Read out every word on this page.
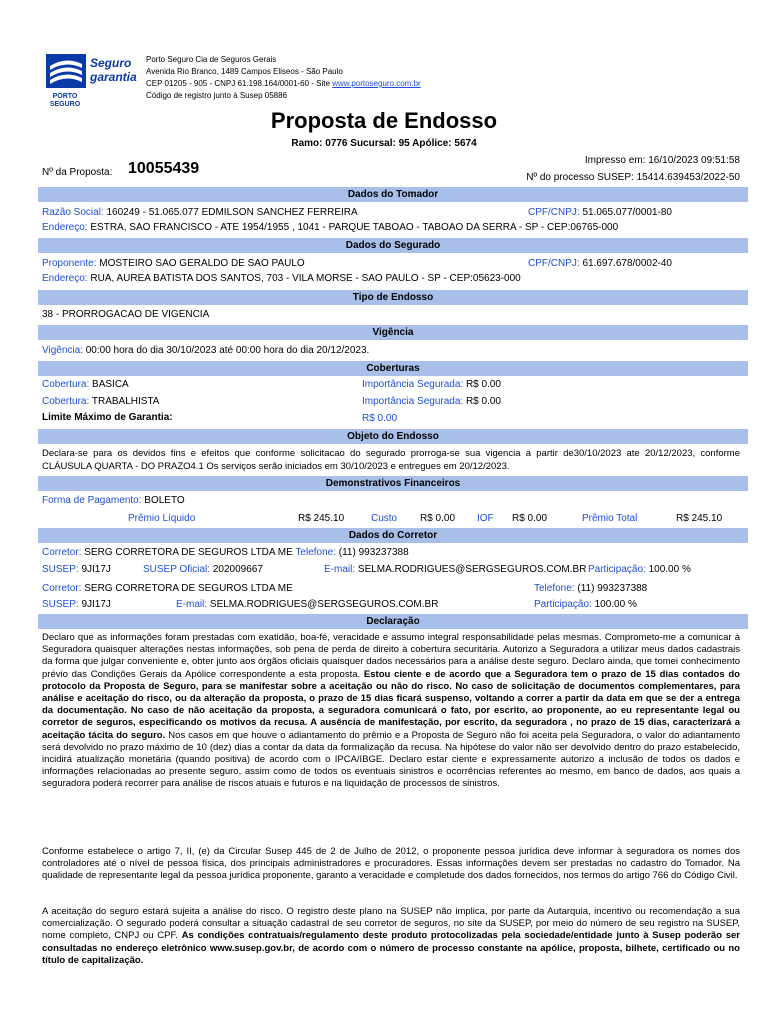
PORTO SEGURO
Seguro
garantia
Porto Seguro Cia de Seguros Gerais
Avenida Rio Branco, 1489 Campos Eliseos - São Paulo
CEP 01205 - 905 - CNPJ 61.198.164/0001-60 - Site www.portoseguro.com.br
Código de registro junto à Susep 05886
Proposta de Endosso
Ramo: 0776 Sucursal: 95 Apólice: 5674
Nº da Proposta: 10055439	Impresso em: 16/10/2023 09:51:58
Nº do processo SUSEP: 15414.639453/2022-50
Dados do Tomador
Razão Social: 160249 - 51.065.077 EDMILSON SANCHEZ FERREIRA	CPF/CNPJ: 51.065.077/0001-80
Endereço: ESTRA, SAO FRANCISCO - ATE 1954/1955 , 1041 - PARQUE TABOAO - TABOAO DA SERRA - SP - CEP:06765-000
Dados do Segurado
Proponente: MOSTEIRO SAO GERALDO DE SAO PAULO	CPF/CNPJ: 61.697.678/0002-40
Endereço: RUA, AUREA BATISTA DOS SANTOS, 703 - VILA MORSE - SAO PAULO - SP - CEP:05623-000
Tipo de Endosso
38 - PRORROGACAO DE VIGENCIA
Vigência
Vigência: 00:00 hora do dia 30/10/2023 até 00:00 hora do dia 20/12/2023.
Coberturas
Cobertura: BASICA	Importância Segurada: R$ 0.00
Cobertura: TRABALHISTA	Importância Segurada: R$ 0.00
Limite Máximo de Garantia:	R$ 0.00
Objeto do Endosso
Declara-se para os devidos fins e efeitos que conforme solicitacao do segurado prorroga-se sua vigencia a partir de30/10/2023 ate 20/12/2023, conforme CLÁUSULA QUARTA - DO PRAZO4.1 Os serviços serão iniciados em 30/10/2023 e entregues em 20/12/2023.
Demonstrativos Financeiros
Forma de Pagamento: BOLETO
Prêmio Líquido	R$ 245.10	Custo R$ 0.00 IOF R$ 0.00	Prêmio Total	R$ 245.10
Dados do Corretor
Corretor: SERG CORRETORA DE SEGUROS LTDA ME Telefone: (11) 993237388
SUSEP: 9JI17J	SUSEP Oficial: 202009667	E-mail: SELMA.RODRIGUES@SERGSEGUROS.COM.BR Participação: 100.00 %
Corretor: SERG CORRETORA DE SEGUROS LTDA ME	Telefone: (11) 993237388
SUSEP: 9JI17J	E-mail: SELMA.RODRIGUES@SERGSEGUROS.COM.BR	Participação: 100.00 %
Declaração
Declaro que as informações foram prestadas com exatidão, boa-fé, veracidade e assumo integral responsabilidade pelas mesmas. Comprometo-me a comunicar à Seguradora quaisquer alterações nestas informações, sob pena de perda de direito à cobertura securitária. Autorizo a Seguradora a utilizar meus dados cadastrais da forma que julgar conveniente e, obter junto aos órgãos oficiais quaisquer dados necessários para a análise deste seguro. Declaro ainda, que tomei conhecimento prévio das Condições Gerais da Apólice correspondente a esta proposta. Estou ciente e de acordo que a Seguradora tem o prazo de 15 dias contados do protocolo da Proposta de Seguro, para se manifestar sobre a aceitação ou não do risco. No caso de solicitação de documentos complementares, para análise e aceitação do risco, ou da alteração da proposta, o prazo de 15 dias ficará suspenso, voltando a correr a partir da data em que se der a entrega da documentação. No caso de não aceitação da proposta, a seguradora comunicará o fato, por escrito, ao proponente, ao eu representante legal ou corretor de seguros, especificando os motivos da recusa. A ausência de manifestação, por escrito, da seguradora , no prazo de 15 dias, caracterizará a aceitação tácita do seguro. Nos casos em que houve o adiantamento do prêmio e a Proposta de Seguro não foi aceita pela Seguradora, o valor do adiantamento será devolvido no prazo máximo de 10 (dez) dias a contar da data da formalização da recusa. Na hipótese do valor não ser devolvido dentro do prazo estabelecido, incidirá atualização monetária (quando positiva) de acordo com o IPCA/IBGE. Declaro estar ciente e expressamente autorizo a inclusão de todos os dados e informações relacionadas ao presente seguro, assim como de todos os eventuais sinistros e ocorrências referentes ao mesmo, em banco de dados, aos quais a seguradora poderá recorrer para análise de riscos atuais e futuros e na liquidação de processos de sinistros.
Conforme estabelece o artigo 7, II, (e) da Circular Susep 445 de 2 de Julho de 2012, o proponente pessoa jurídica deve informar à seguradora os nomes dos controladores até o nível de pessoa física, dos principais administradores e procuradores. Essas informações devem ser prestadas no cadastro do Tomador. Na qualidade de representante legal da pessoa jurídica proponente, garanto a veracidade e completude dos dados fornecidos, nos termos do artigo 766 do Código Civil.
A aceitação do seguro estará sujeita a análise do risco. O registro deste plano na SUSEP não implica, por parte da Autarquia, incentivo ou recomendação a sua comercialização. O segurado poderá consultar a situação cadastral de seu corretor de seguros, no site da SUSEP, por meio do número de seu registro na SUSEP, nome completo, CNPJ ou CPF. As condições contratuais/regulamento deste produto protocolizadas pela sociedade/entidade junto à Susep poderão ser consultadas no endereço eletrônico www.susep.gov.br, de acordo com o número de processo constante na apólice, proposta, bilhete, certificado ou no título de capitalização.
